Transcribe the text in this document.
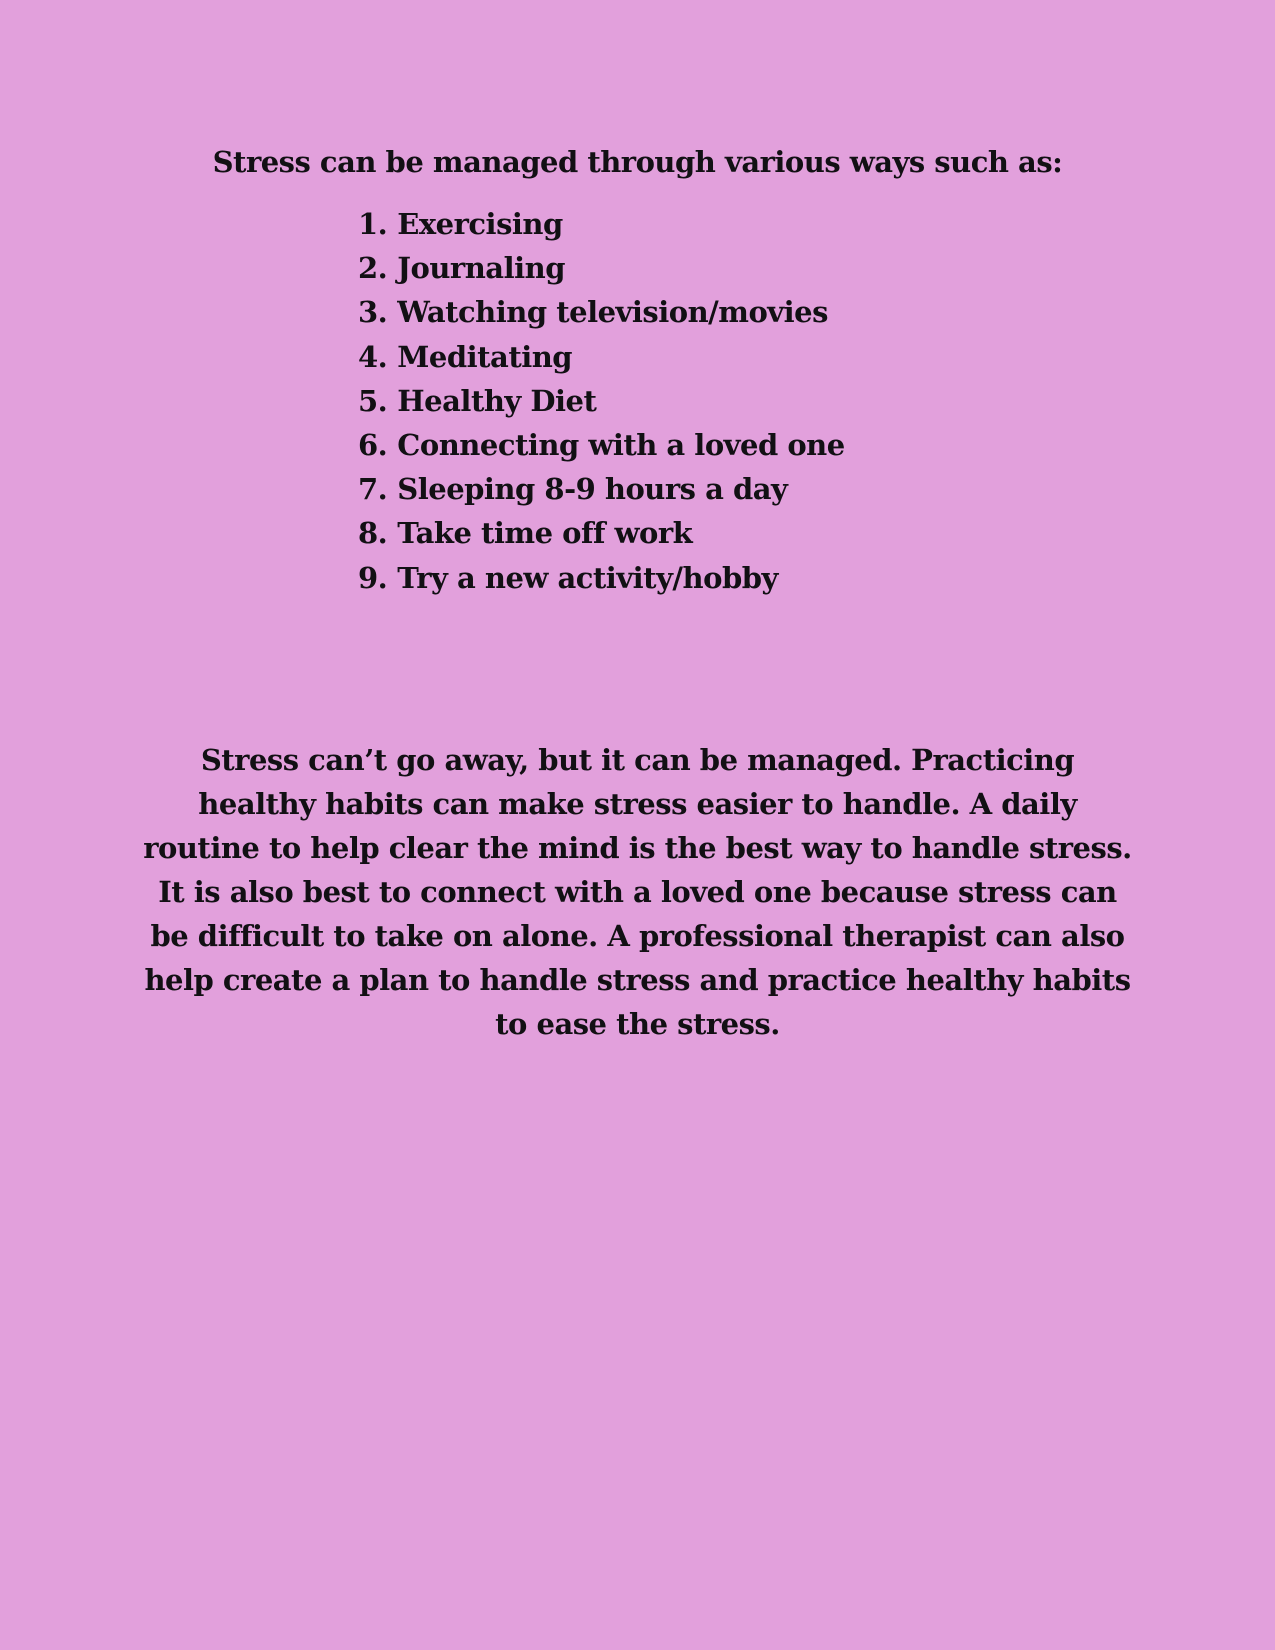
Stress can be managed through various ways such as:
1. Exercising
2. Journaling
3. Watching television/movies
4. Meditating
5. Healthy Diet
6. Connecting with a loved one
7. Sleeping 8-9 hours a day
8. Take time off work
9. Try a new activity/hobby

Stress can’t go away, but it can be managed. Practicing healthy habits can make stress easier to handle. A daily routine to help clear the mind is the best way to handle stress. It is also best to connect with a loved one because stress can be difficult to take on alone. A professional therapist can also help create a plan to handle stress and practice healthy habits to ease the stress.
